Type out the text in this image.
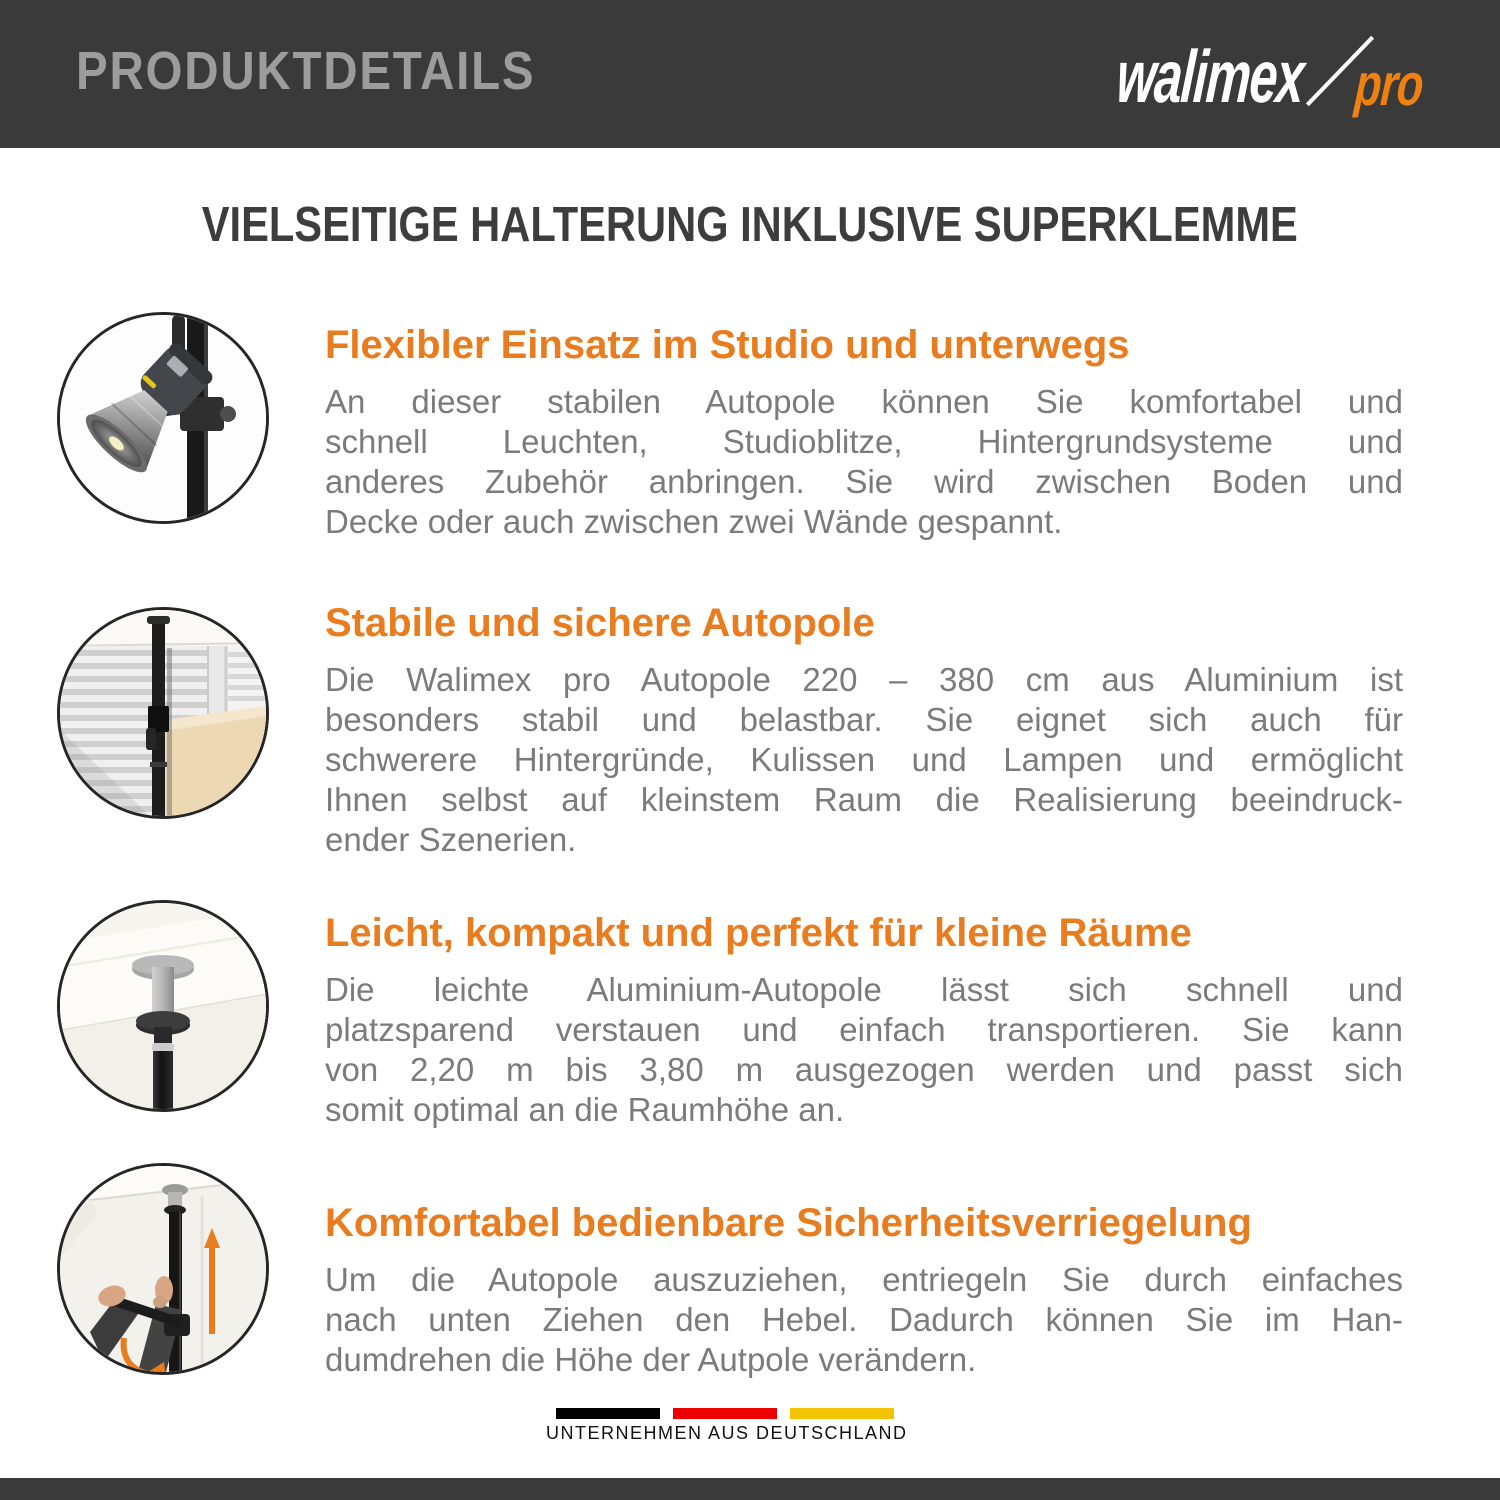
PRODUKTDETAILS	walimex pro
VIELSEITIGE HALTERUNG INKLUSIVE SUPERKLEMME
Flexibler Einsatz im Studio und unterwegs
An dieser stabilen Autopole können Sie komfortabel und
schnell Leuchten, Studioblitze, Hintergrundsysteme und
anderes Zubehör anbringen. Sie wird zwischen Boden und
Decke oder auch zwischen zwei Wände gespannt.
Stabile und sichere Autopole
Die Walimex pro Autopole 220 – 380 cm aus Aluminium ist
besonders stabil und belastbar. Sie eignet sich auch für
schwerere Hintergründe, Kulissen und Lampen und ermöglicht
Ihnen selbst auf kleinstem Raum die Realisierung beeindruck-
ender Szenerien.
Leicht, kompakt und perfekt für kleine Räume
Die leichte Aluminium-Autopole lässt sich schnell und
platzsparend verstauen und einfach transportieren. Sie kann
von 2,20 m bis 3,80 m ausgezogen werden und passt sich
somit optimal an die Raumhöhe an.
Komfortabel bedienbare Sicherheitsverriegelung
Um die Autopole auszuziehen, entriegeln Sie durch einfaches
nach unten Ziehen den Hebel. Dadurch können Sie im Han-
dumdrehen die Höhe der Autpole verändern.
UNTERNEHMEN AUS DEUTSCHLAND
